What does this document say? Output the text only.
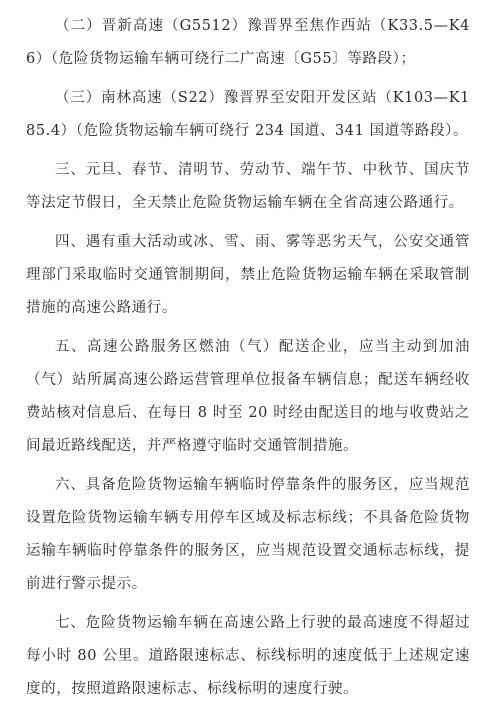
（二）晋新高速（G5512）豫晋界至焦作西站（K33.5—K46）（危险货物运输车辆可绕行二广高速〔G55〕等路段）；

（三）南林高速（S22）豫晋界至安阳开发区站（K103—K185.4）（危险货物运输车辆可绕行 234 国道、341 国道等路段）。

三、元旦、春节、清明节、劳动节、端午节、中秋节、国庆节等法定节假日，全天禁止危险货物运输车辆在全省高速公路通行。

四、遇有重大活动或冰、雪、雨、雾等恶劣天气，公安交通管理部门采取临时交通管制期间，禁止危险货物运输车辆在采取管制措施的高速公路通行。

五、高速公路服务区燃油（气）配送企业，应当主动到加油（气）站所属高速公路运营管理单位报备车辆信息；配送车辆经收费站核对信息后、在每日 8 时至 20 时经由配送目的地与收费站之间最近路线配送，并严格遵守临时交通管制措施。

六、具备危险货物运输车辆临时停靠条件的服务区，应当规范设置危险货物运输车辆专用停车区域及标志标线；不具备危险货物运输车辆临时停靠条件的服务区，应当规范设置交通标志标线，提前进行警示提示。

七、危险货物运输车辆在高速公路上行驶的最高速度不得超过每小时 80 公里。道路限速标志、标线标明的速度低于上述规定速度的，按照道路限速标志、标线标明的速度行驶。
